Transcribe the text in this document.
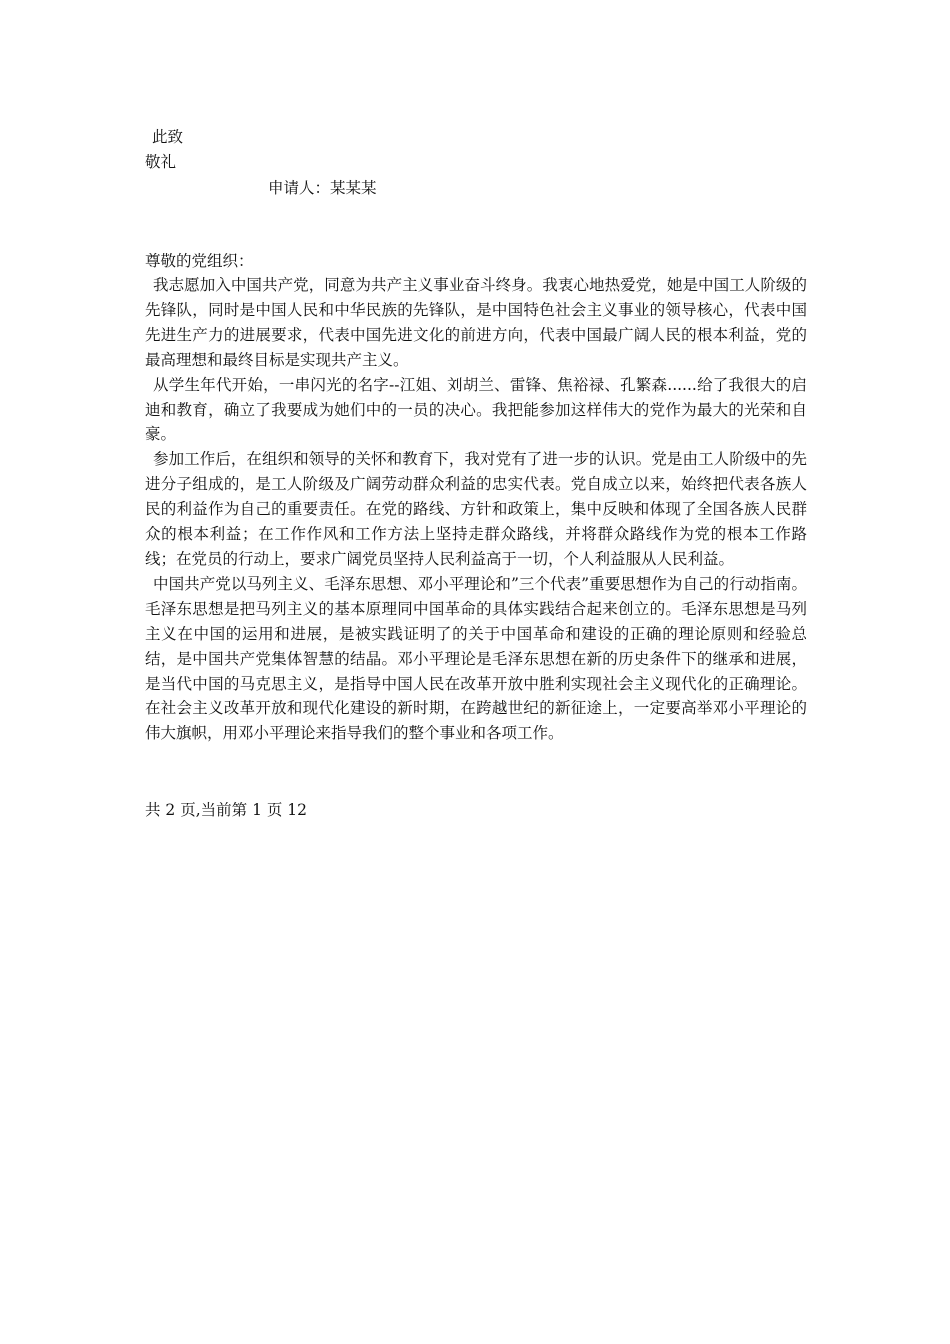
此致
敬礼
申请人：某某某
尊敬的党组织：

我志愿加入中国共产党，同意为共产主义事业奋斗终身。我衷心地热爱党，她是中国工人阶级的先锋队，同时是中国人民和中华民族的先锋队，是中国特色社会主义事业的领导核心，代表中国先进生产力的进展要求，代表中国先进文化的前进方向，代表中国最广阔人民的根本利益，党的最高理想和最终目标是实现共产主义。

从学生年代开始，一串闪光的名字--江姐、刘胡兰、雷锋、焦裕禄、孔繁森......给了我很大的启迪和教育，确立了我要成为她们中的一员的决心。我把能参加这样伟大的党作为最大的光荣和自豪。

参加工作后，在组织和领导的关怀和教育下，我对党有了进一步的认识。党是由工人阶级中的先进分子组成的，是工人阶级及广阔劳动群众利益的忠实代表。党自成立以来，始终把代表各族人民的利益作为自己的重要责任。在党的路线、方针和政策上，集中反映和体现了全国各族人民群众的根本利益；在工作作风和工作方法上坚持走群众路线，并将群众路线作为党的根本工作路线；在党员的行动上，要求广阔党员坚持人民利益高于一切，个人利益服从人民利益。

中国共产党以马列主义、毛泽东思想、邓小平理论和”三个代表”重要思想作为自己的行动指南。毛泽东思想是把马列主义的基本原理同中国革命的具体实践结合起来创立的。毛泽东思想是马列主义在中国的运用和进展，是被实践证明了的关于中国革命和建设的正确的理论原则和经验总结，是中国共产党集体智慧的结晶。邓小平理论是毛泽东思想在新的历史条件下的继承和进展，是当代中国的马克思主义，是指导中国人民在改革开放中胜利实现社会主义现代化的正确理论。在社会主义改革开放和现代化建设的新时期，在跨越世纪的新征途上，一定要高举邓小平理论的伟大旗帜，用邓小平理论来指导我们的整个事业和各项工作。

共 2 页,当前第 1 页 12
